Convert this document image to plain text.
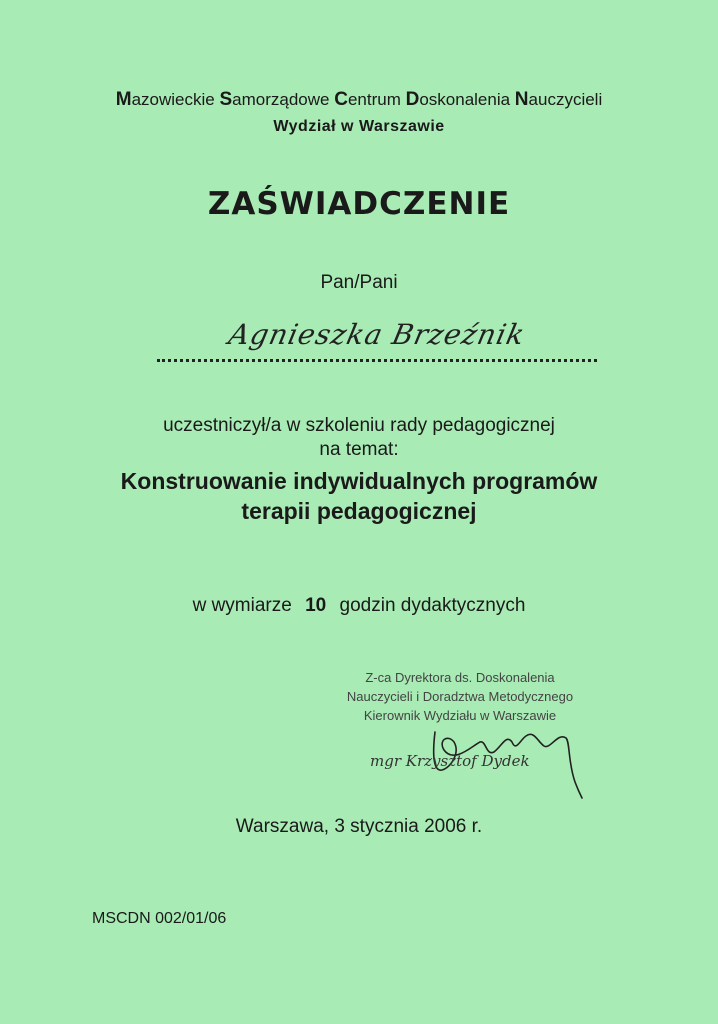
Mazowieckie Samorządowe Centrum Doskonalenia Nauczycieli
Wydział w Warszawie
ZAŚWIADCZENIE
Pan/Pani
Agnieszka Brzeźnik
uczestniczył/a w szkoleniu rady pedagogicznej
na temat:
Konstruowanie indywidualnych programów
terapii pedagogicznej
w wymiarze 10 godzin dydaktycznych
Z-ca Dyrektora ds. Doskonalenia
Nauczycieli i Doradztwa Metodycznego
Kierownik Wydziału w Warszawie
mgr Krzysztof Dydek
Warszawa, 3 stycznia 2006 r.
MSCDN 002/01/06
